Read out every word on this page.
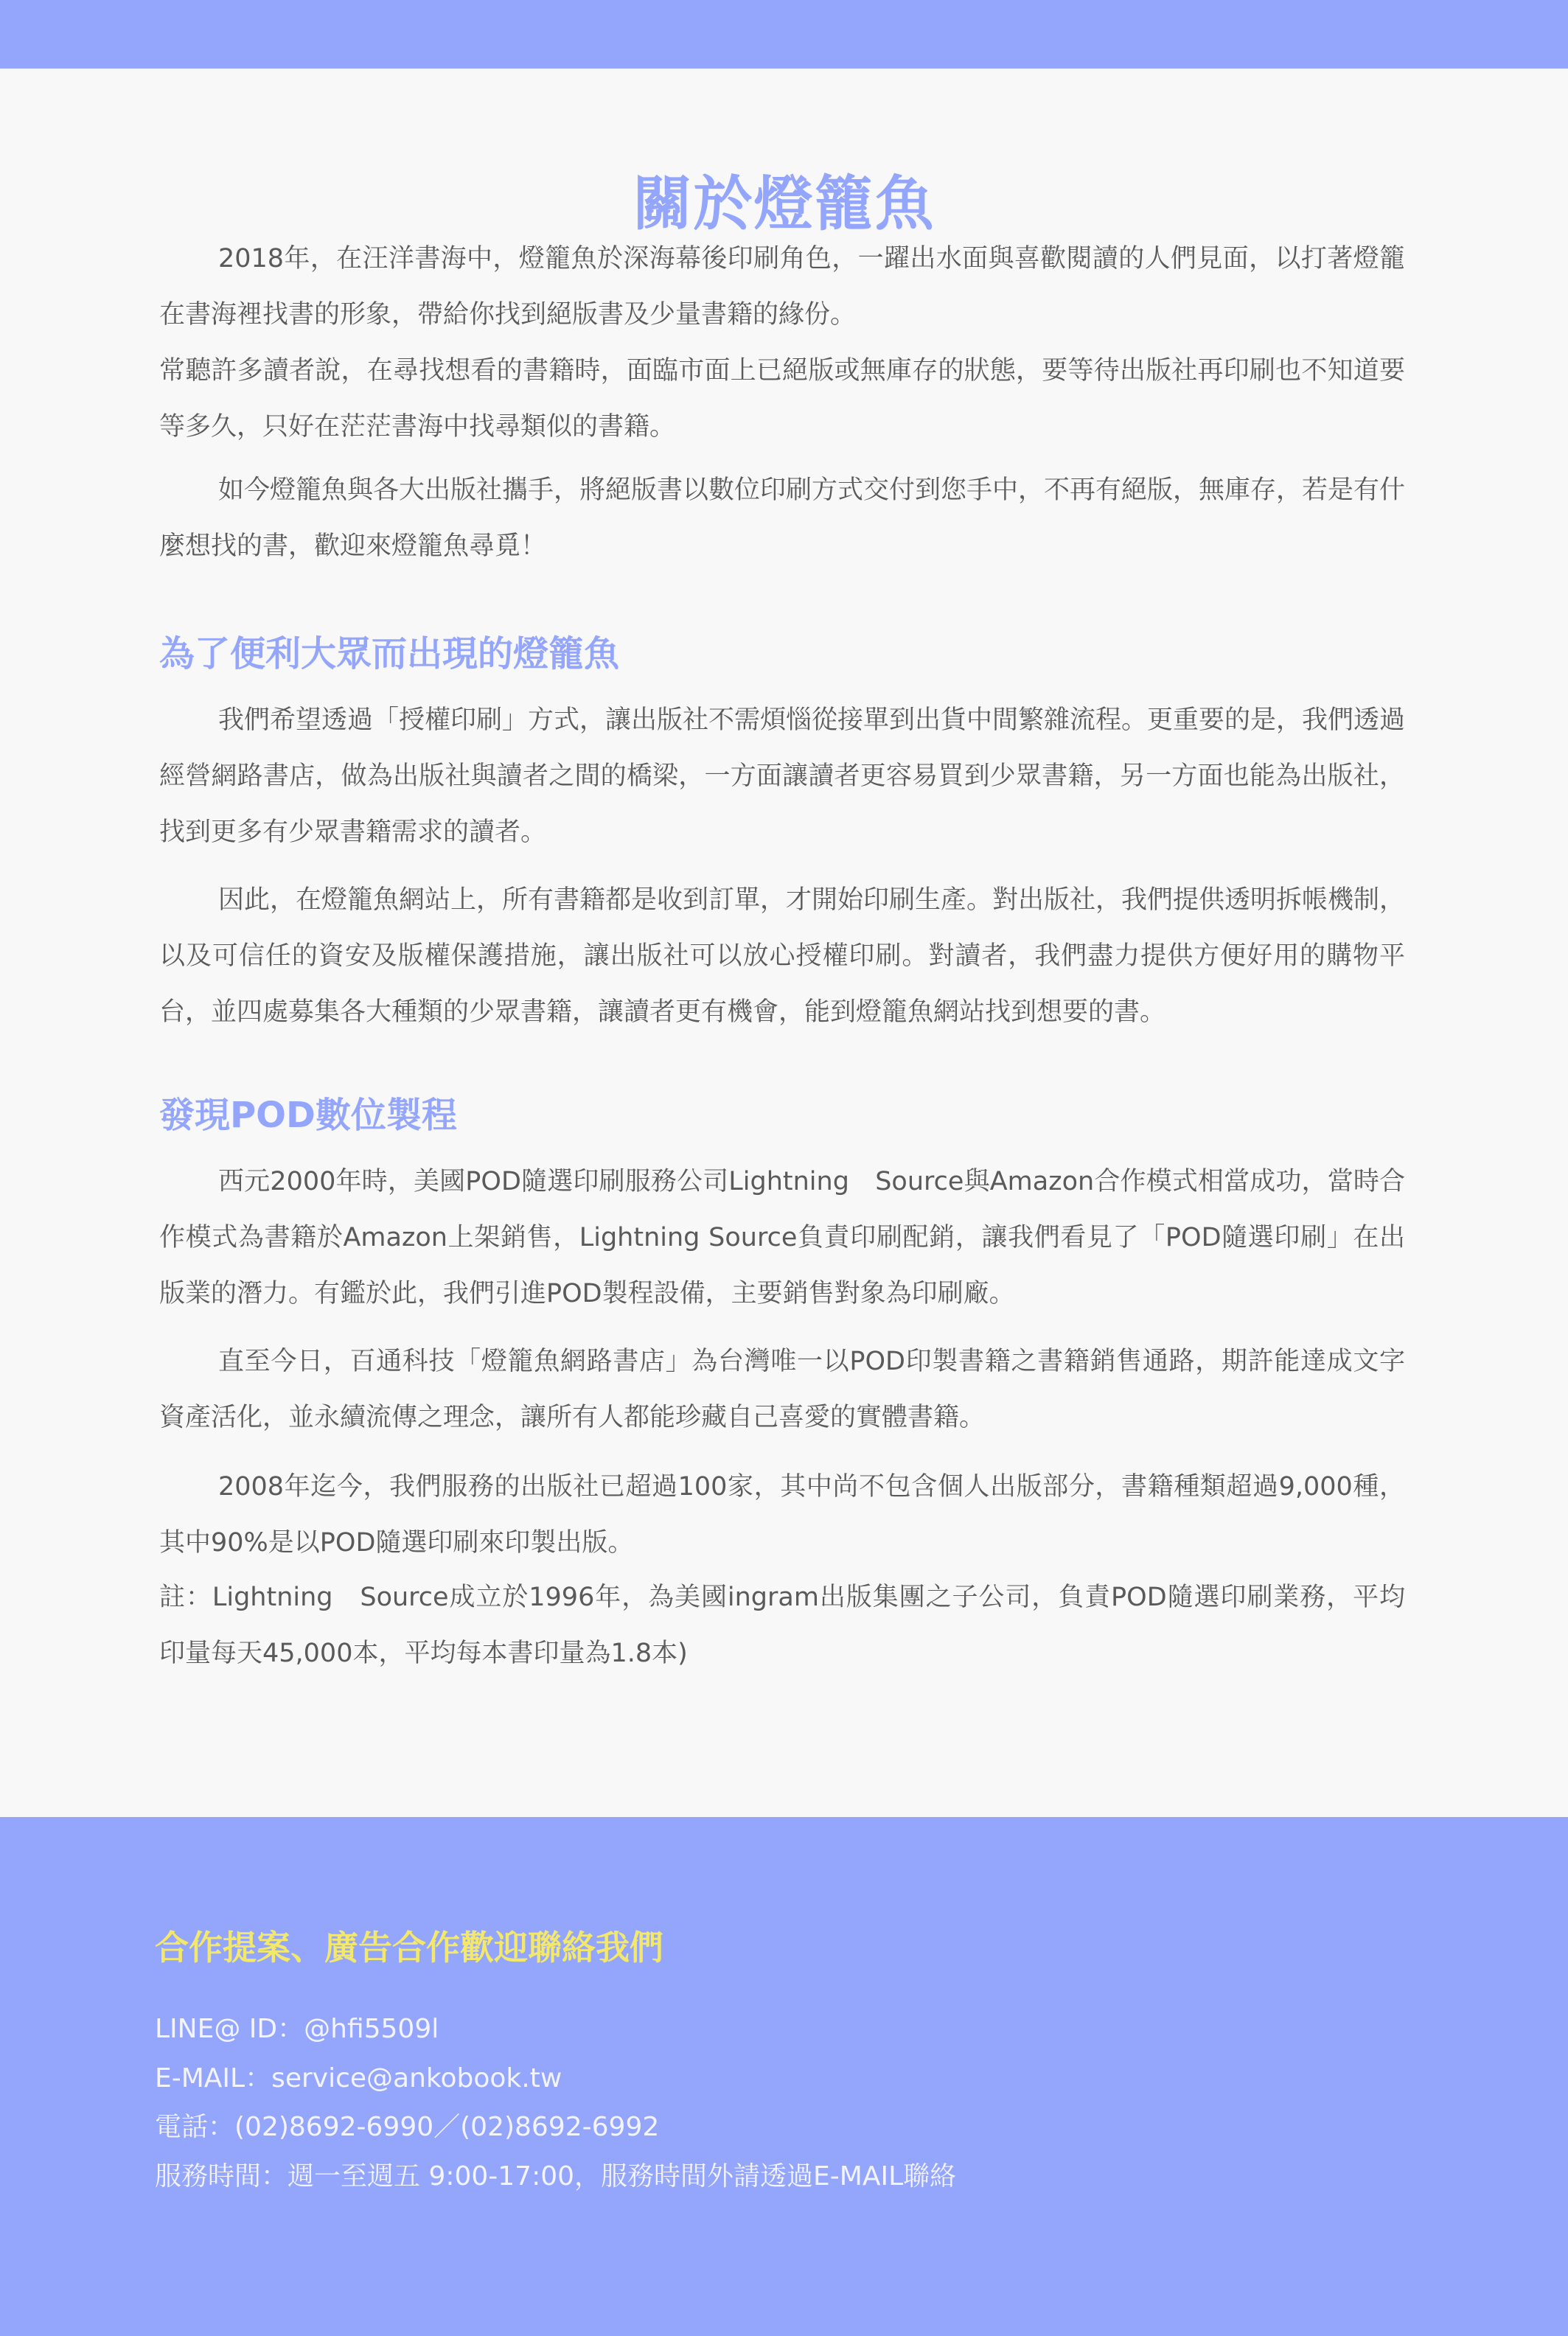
關於燈籠魚

2018年，在汪洋書海中，燈籠魚於深海幕後印刷角色，一躍出水面與喜歡閱讀的人們見面，以打著燈籠在書海裡找書的形象，帶給你找到絕版書及少量書籍的緣份。

常聽許多讀者說，在尋找想看的書籍時，面臨市面上已絕版或無庫存的狀態，要等待出版社再印刷也不知道要等多久，只好在茫茫書海中找尋類似的書籍。

如今燈籠魚與各大出版社攜手，將絕版書以數位印刷方式交付到您手中，不再有絕版，無庫存，若是有什麼想找的書，歡迎來燈籠魚尋覓！

為了便利大眾而出現的燈籠魚

我們希望透過「授權印刷」方式，讓出版社不需煩惱從接單到出貨中間繁雜流程。更重要的是，我們透過經營網路書店，做為出版社與讀者之間的橋梁，一方面讓讀者更容易買到少眾書籍，另一方面也能為出版社，找到更多有少眾書籍需求的讀者。

因此，在燈籠魚網站上，所有書籍都是收到訂單，才開始印刷生產。對出版社，我們提供透明拆帳機制，以及可信任的資安及版權保護措施，讓出版社可以放心授權印刷。對讀者，我們盡力提供方便好用的購物平台，並四處募集各大種類的少眾書籍，讓讀者更有機會，能到燈籠魚網站找到想要的書。

發現POD數位製程

西元2000年時，美國POD隨選印刷服務公司Lightning　Source與Amazon合作模式相當成功，當時合作模式為書籍於Amazon上架銷售，Lightning Source負責印刷配銷，讓我們看見了「POD隨選印刷」在出版業的潛力。有鑑於此，我們引進POD製程設備，主要銷售對象為印刷廠。

直至今日，百通科技「燈籠魚網路書店」為台灣唯一以POD印製書籍之書籍銷售通路，期許能達成文字資產活化，並永續流傳之理念，讓所有人都能珍藏自己喜愛的實體書籍。

2008年迄今，我們服務的出版社已超過100家，其中尚不包含個人出版部分，書籍種類超過9,000種，其中90%是以POD隨選印刷來印製出版。

註：Lightning　Source成立於1996年，為美國ingram出版集團之子公司，負責POD隨選印刷業務，平均印量每天45,000本，平均每本書印量為1.8本)

合作提案、廣告合作歡迎聯絡我們

LINE@ ID：@hfi5509l

E-MAIL：service@ankobook.tw

電話：(02)8692-6990／(02)8692-6992

服務時間：週一至週五 9:00-17:00，服務時間外請透過E-MAIL聯絡
